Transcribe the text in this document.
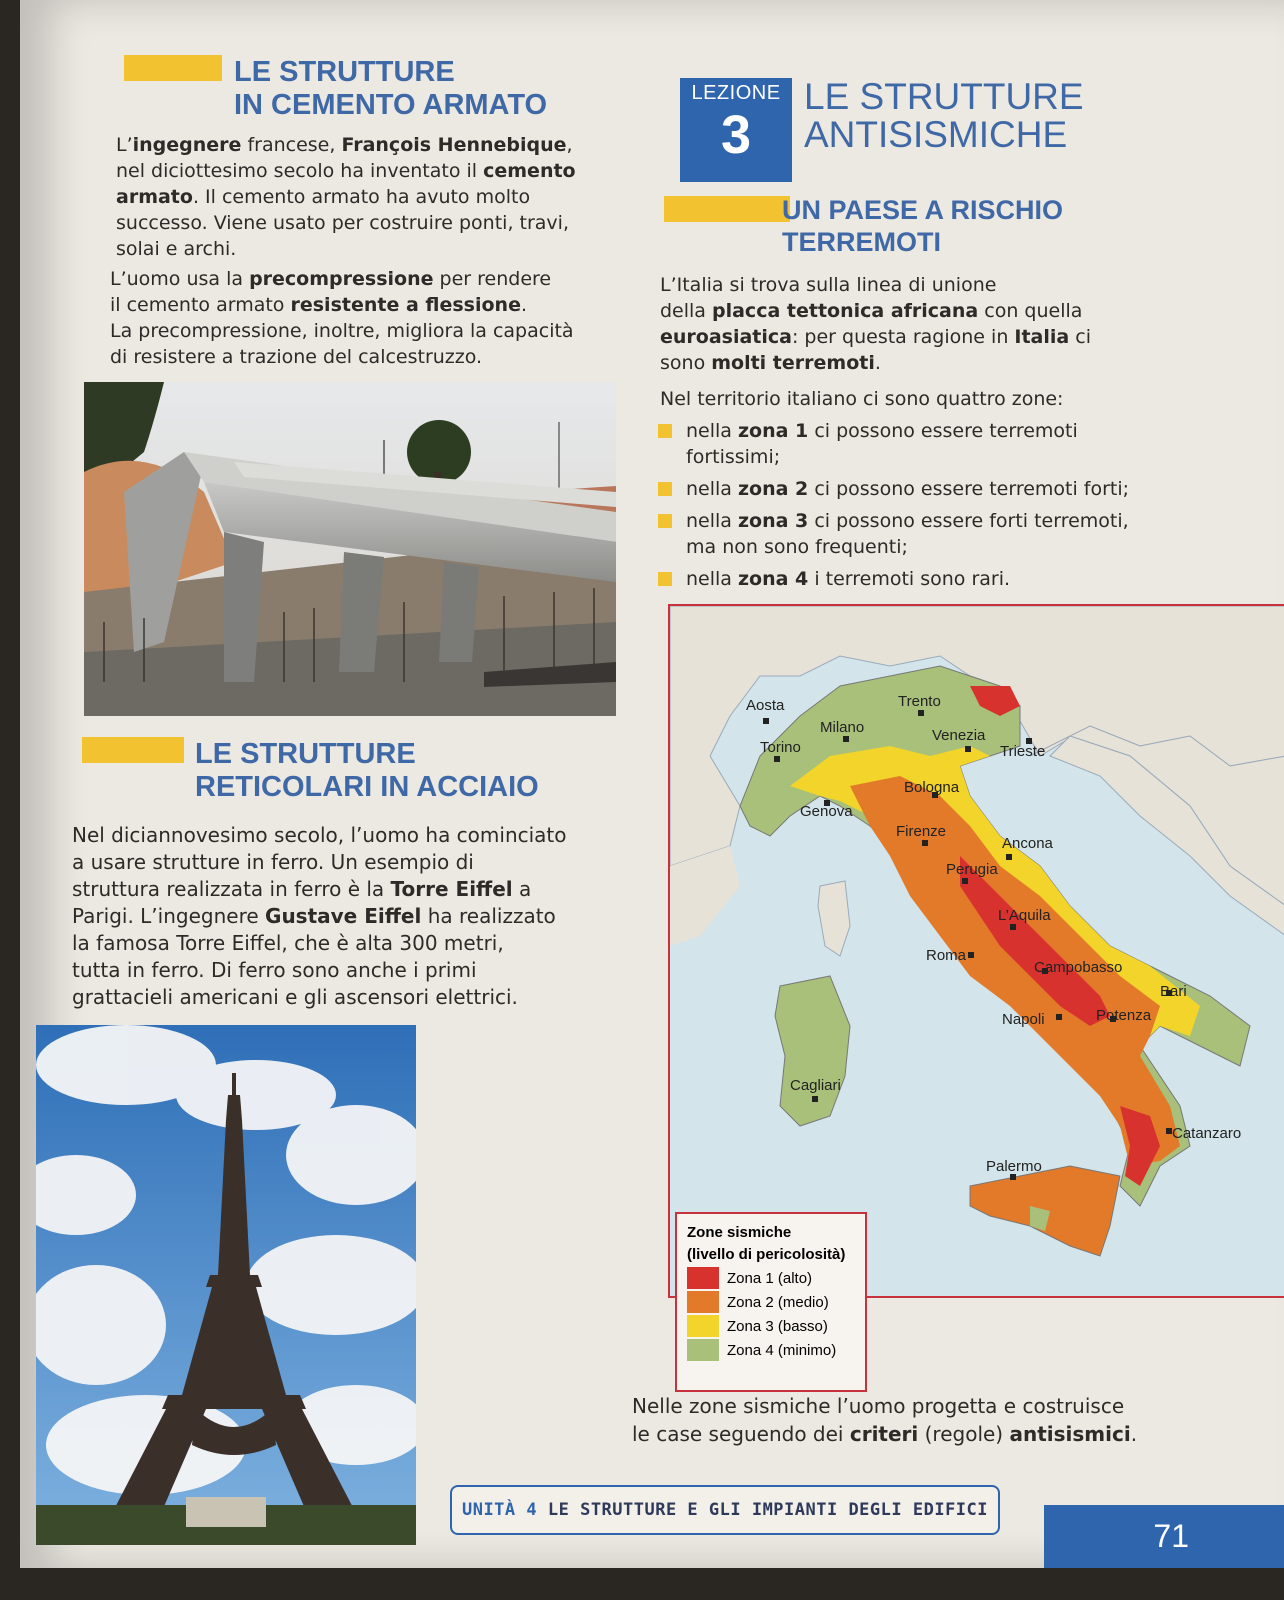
LE STRUTTURE
IN CEMENTO ARMATO
L’ingegnere francese, François Hennebique,
nel diciottesimo secolo ha inventato il cemento
armato. Il cemento armato ha avuto molto
successo. Viene usato per costruire ponti, travi,
solai e archi.
L’uomo usa la precompressione per rendere
il cemento armato resistente a flessione.
La precompressione, inoltre, migliora la capacità
di resistere a trazione del calcestruzzo.
LE STRUTTURE
RETICOLARI IN ACCIAIO
Nel diciannovesimo secolo, l’uomo ha cominciato
a usare strutture in ferro. Un esempio di
struttura realizzata in ferro è la Torre Eiffel a
Parigi. L’ingegnere Gustave Eiffel ha realizzato
la famosa Torre Eiffel, che è alta 300 metri,
tutta in ferro. Di ferro sono anche i primi
grattacieli americani e gli ascensori elettrici.
LEZIONE
3
LE STRUTTURE
ANTISISMICHE
UN PAESE A RISCHIO
TERREMOTI
L’Italia si trova sulla linea di unione
della placca tettonica africana con quella
euroasiatica: per questa ragione in Italia ci
sono molti terremoti.
Nel territorio italiano ci sono quattro zone:
nella zona 1 ci possono essere terremoti
fortissimi;
nella zona 2 ci possono essere terremoti forti;
nella zona 3 ci possono essere forti terremoti,
ma non sono frequenti;
nella zona 4 i terremoti sono rari.
Aosta
Milano
Trento
Venezia
Trieste
Torino
Bologna
Genova
Firenze
Ancona
Perugia
L’Aquila
Roma
Campobasso
Bari
Napoli	Potenza
Cagliari
Catanzaro
Palermo
Zone sismiche
(livello di pericolosità)
Zona 1 (alto)
Zona 2 (medio)
Zona 3 (basso)
Zona 4 (minimo)
Nelle zone sismiche l’uomo progetta e costruisce
le case seguendo dei criteri (regole) antisismici.
UNITÀ 4 LE STRUTTURE E GLI IMPIANTI DEGLI EDIFICI
71
